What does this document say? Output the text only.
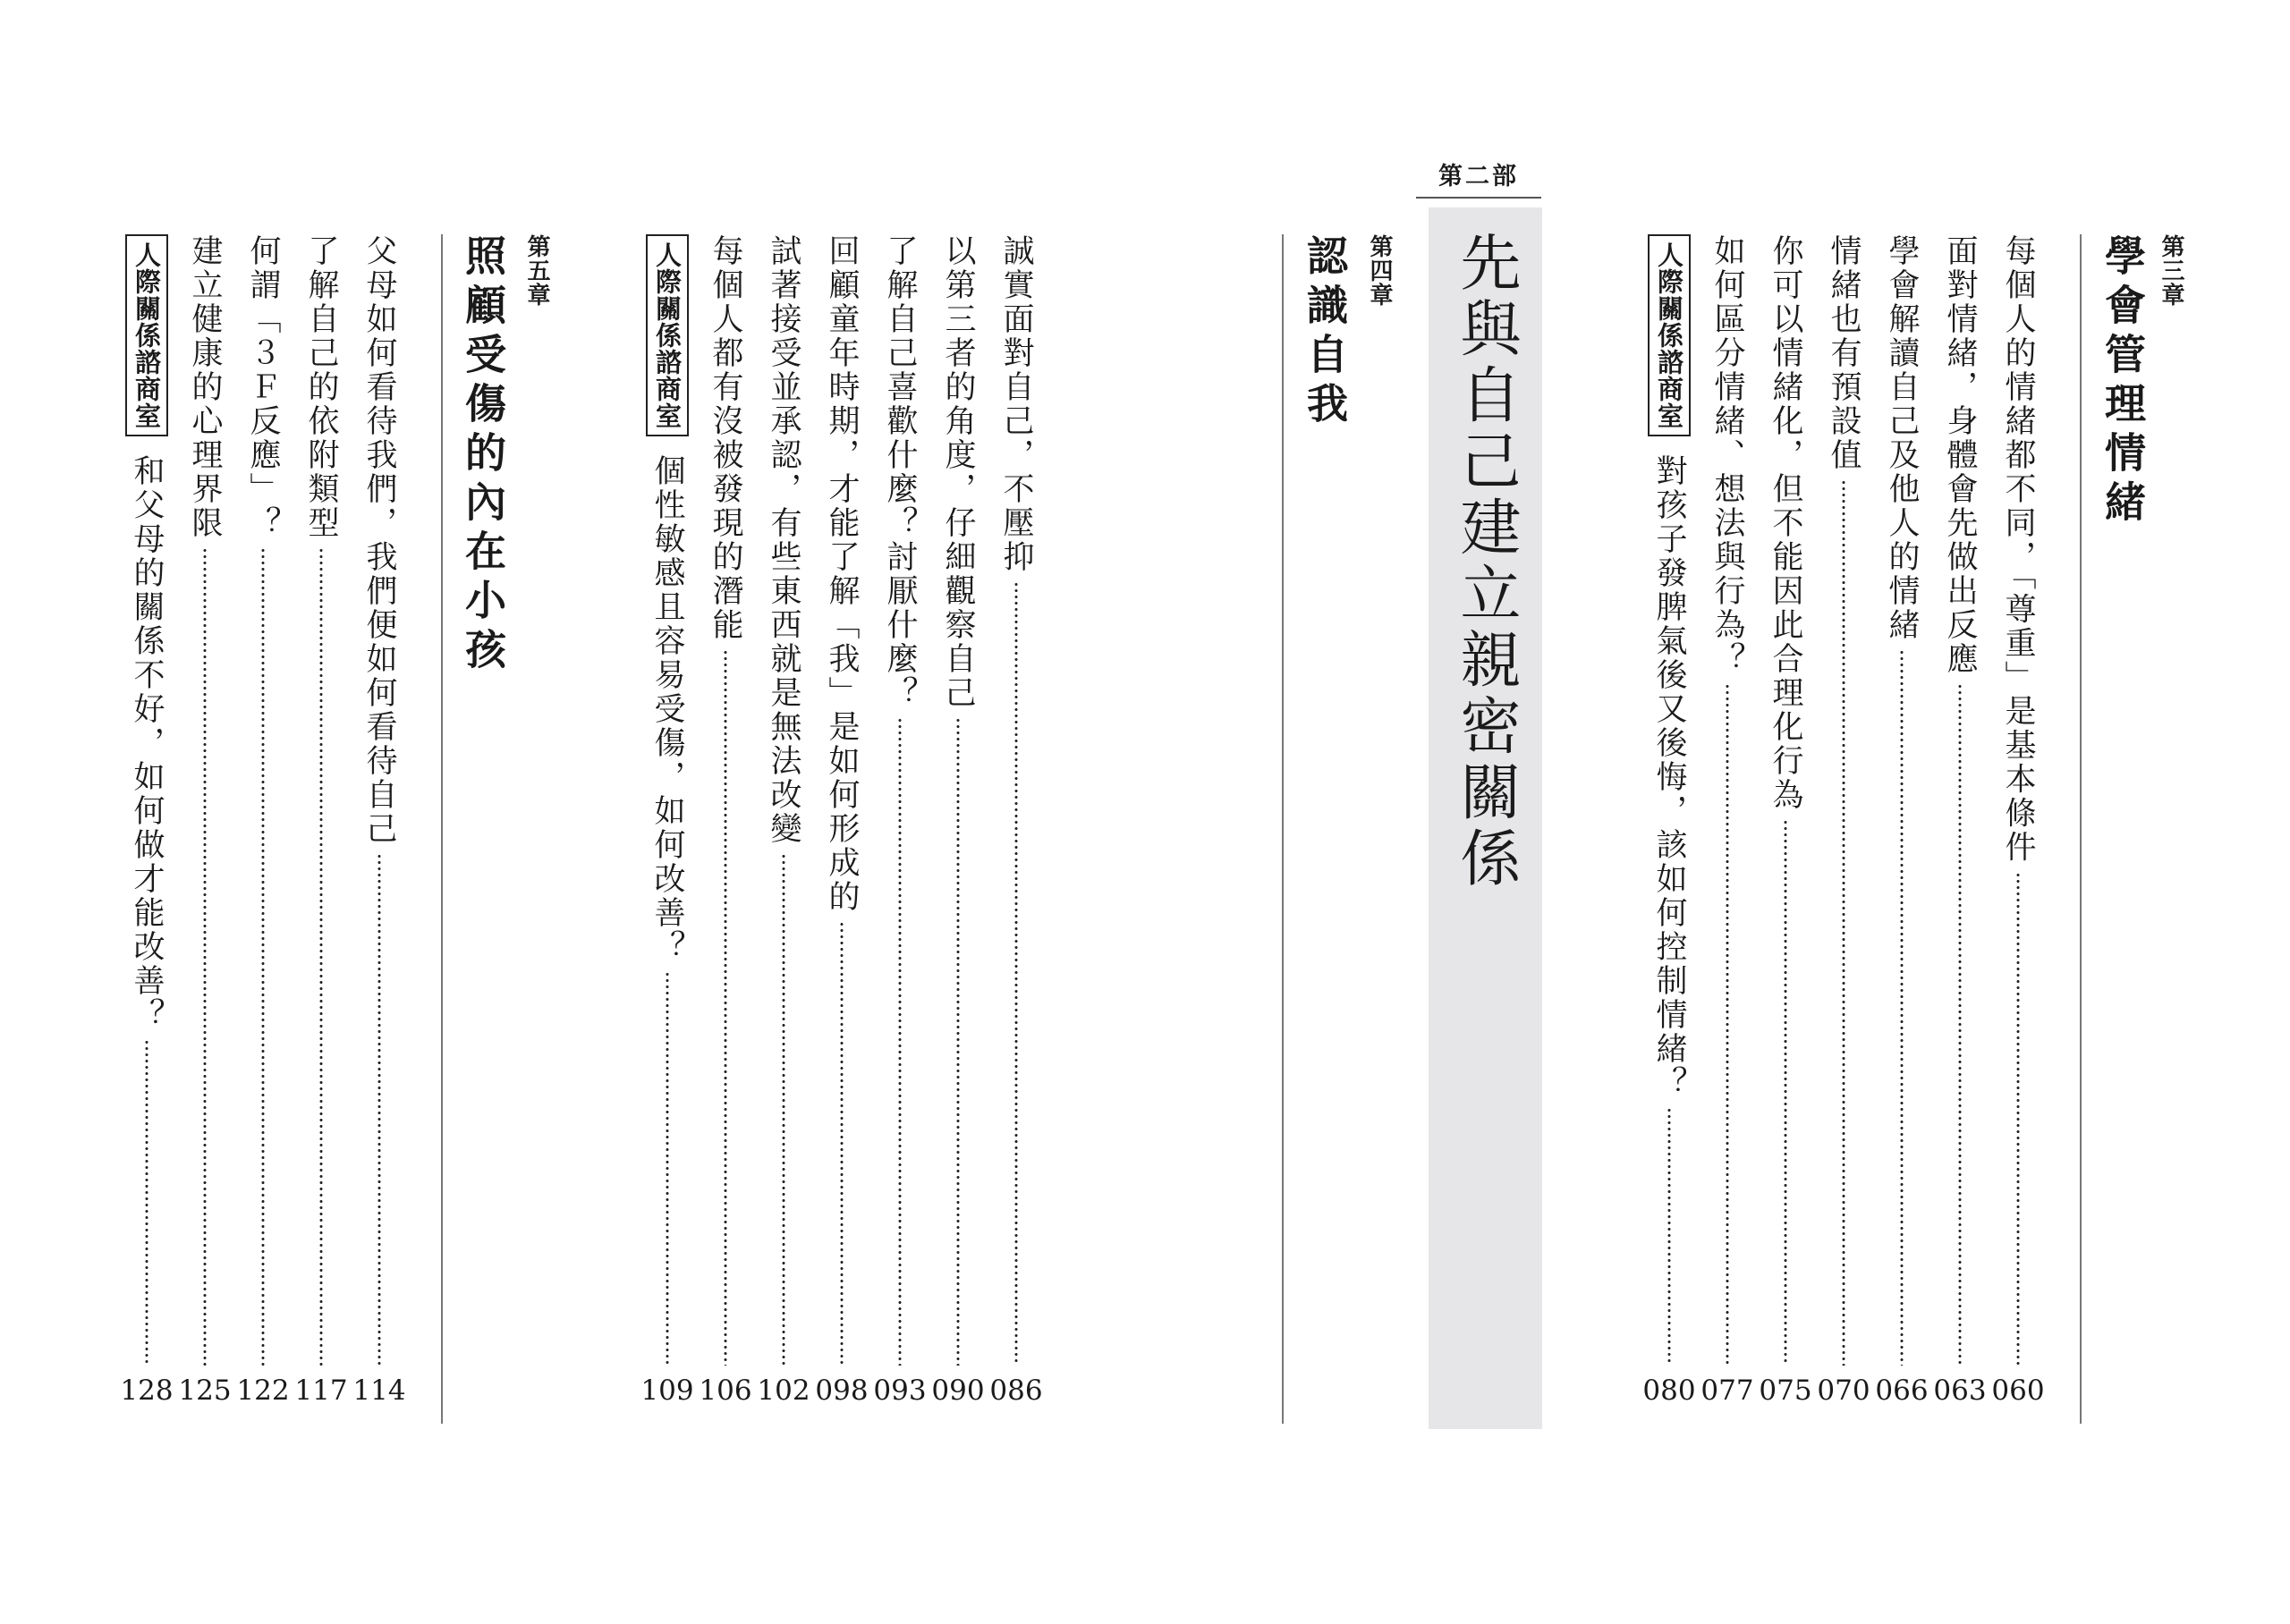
第二部
先與自己建立親密關係	第三章
學會管理情緒
每個人的情緒都不同，「尊重」是基本條件
060
面對情緒，身體會先做出反應
063
學會解讀自己及他人的情緒
066
情緒也有預設值
070
你可以情緒化，但不能因此合理化行為
075
如何區分情緒、想法與行為？
077
人際關係諮商室
對孩子發脾氣後又後悔，該如何控制情緒？
080
第四章
認識自我
誠實面對自己，不壓抑
086
以第三者的角度，仔細觀察自己
090
了解自己喜歡什麼？討厭什麼？
093
回顧童年時期，才能了解「我」是如何形成的
098
試著接受並承認，有些東西就是無法改變
102
每個人都有沒被發現的潛能
106
人際關係諮商室
個性敏感且容易受傷，如何改善？
109
第五章
照顧受傷的內在小孩
父母如何看待我們，我們便如何看待自己
114
了解自己的依附類型
117
何謂「３Ｆ反應」？
122
建立健康的心理界限
125
人際關係諮商室
和父母的關係不好，如何做才能改善？
128
